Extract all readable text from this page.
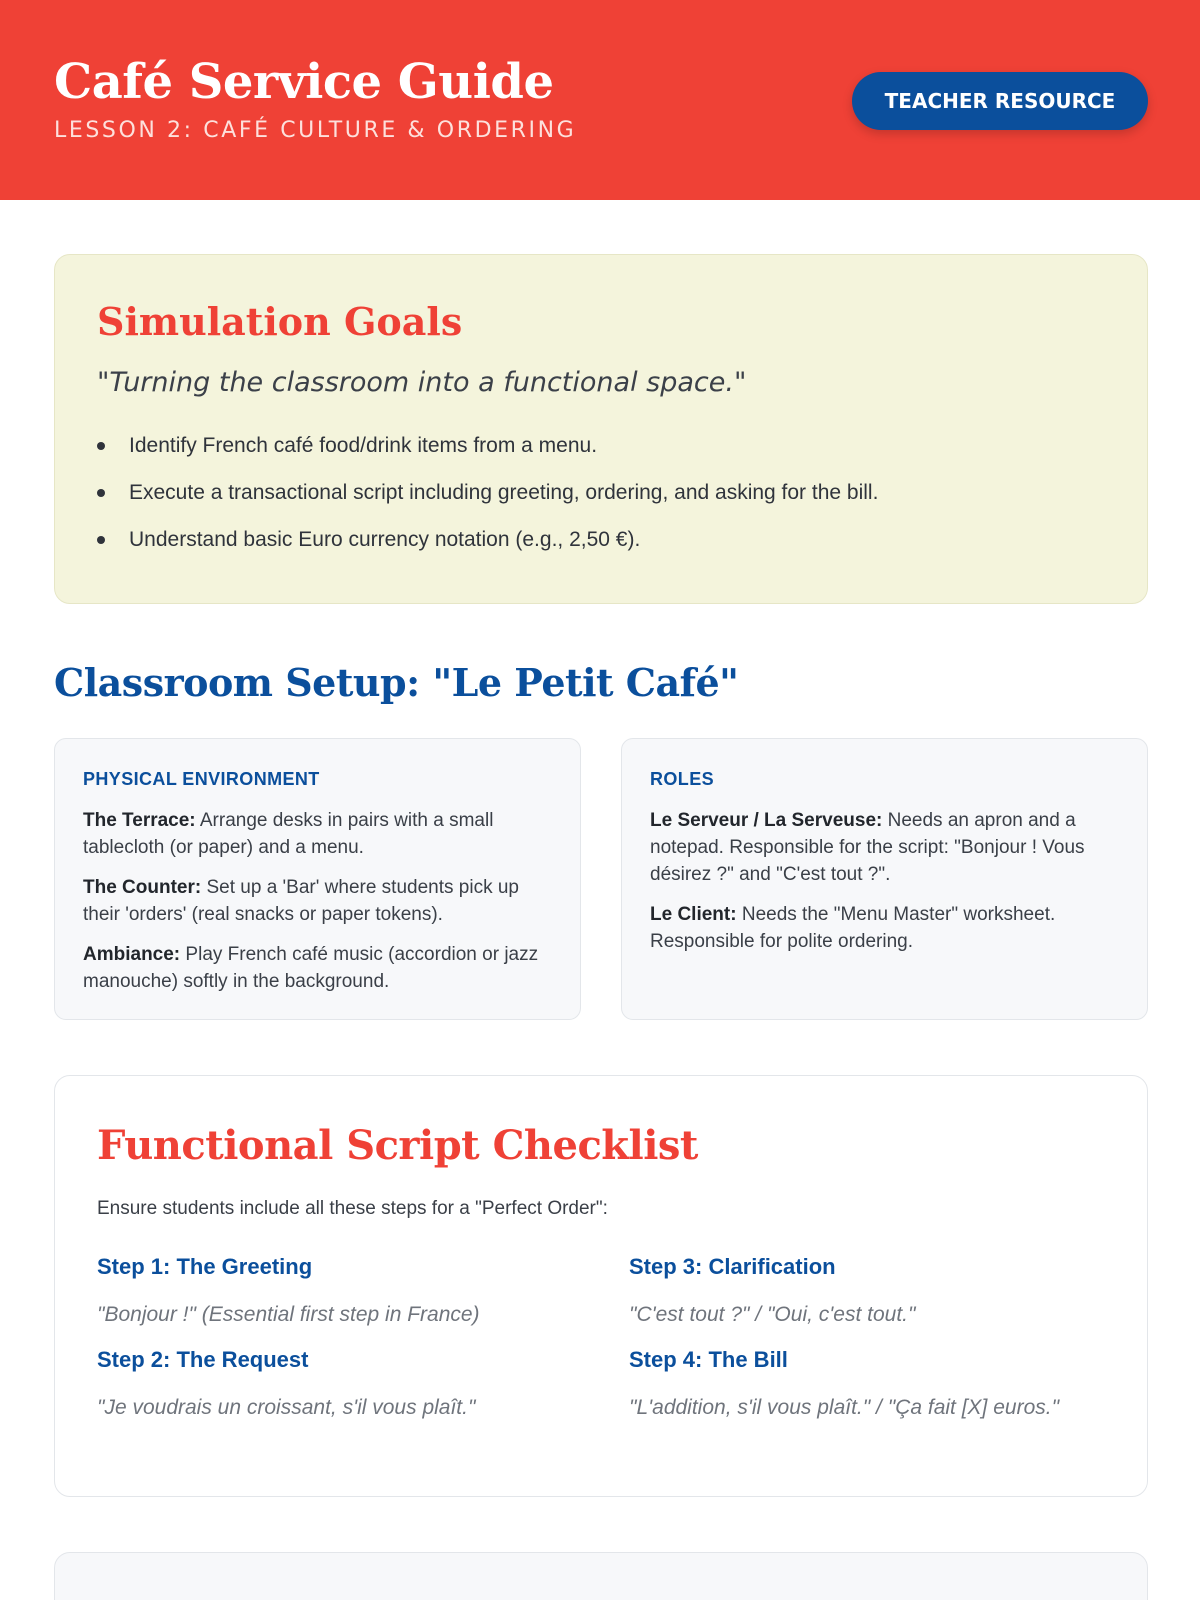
Café Service Guide
LESSON 2: CAFÉ CULTURE & ORDERING
TEACHER RESOURCE
Simulation Goals
"Turning the classroom into a functional space."
Identify French café food/drink items from a menu.
Execute a transactional script including greeting, ordering, and asking for the bill.
Understand basic Euro currency notation (e.g., 2,50 €).
Classroom Setup: "Le Petit Café"
PHYSICAL ENVIRONMENT

The Terrace: Arrange desks in pairs with a small tablecloth (or paper) and a menu.

The Counter: Set up a 'Bar' where students pick up their 'orders' (real snacks or paper tokens).

Ambiance: Play French café music (accordion or jazz manouche) softly in the background.

ROLES

Le Serveur / La Serveuse: Needs an apron and a notepad. Responsible for the script: "Bonjour ! Vous désirez ?" and "C'est tout ?".

Le Client: Needs the "Menu Master" worksheet. Responsible for polite ordering.

Functional Script Checklist
Ensure students include all these steps for a "Perfect Order":
Step 1: The Greeting
"Bonjour !" (Essential first step in France)
Step 2: The Request
"Je voudrais un croissant, s'il vous plaît."
Step 3: Clarification
"C'est tout ?" / "Oui, c'est tout."
Step 4: The Bill
"L'addition, s'il vous plaît." / "Ça fait [X] euros."
